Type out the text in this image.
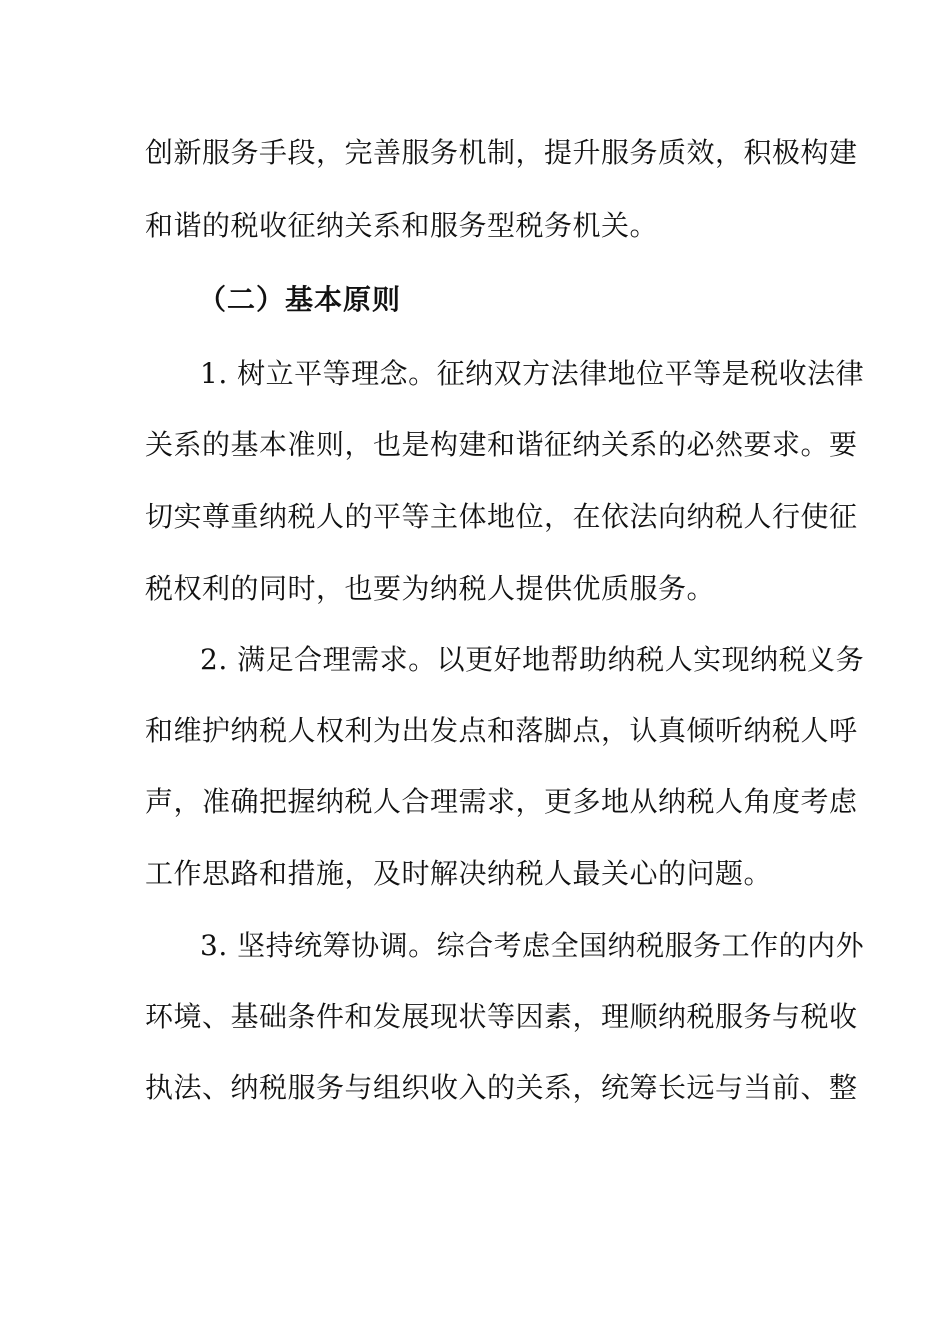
创新服务手段，完善服务机制，提升服务质效，积极构建
和谐的税收征纳关系和服务型税务机关。
（二）基本原则
1. 树立平等理念。征纳双方法律地位平等是税收法律
关系的基本准则，也是构建和谐征纳关系的必然要求。要
切实尊重纳税人的平等主体地位，在依法向纳税人行使征
税权利的同时，也要为纳税人提供优质服务。
2. 满足合理需求。以更好地帮助纳税人实现纳税义务
和维护纳税人权利为出发点和落脚点，认真倾听纳税人呼
声，准确把握纳税人合理需求，更多地从纳税人角度考虑
工作思路和措施，及时解决纳税人最关心的问题。
3. 坚持统筹协调。综合考虑全国纳税服务工作的内外
环境、基础条件和发展现状等因素，理顺纳税服务与税收
执法、纳税服务与组织收入的关系，统筹长远与当前、整
